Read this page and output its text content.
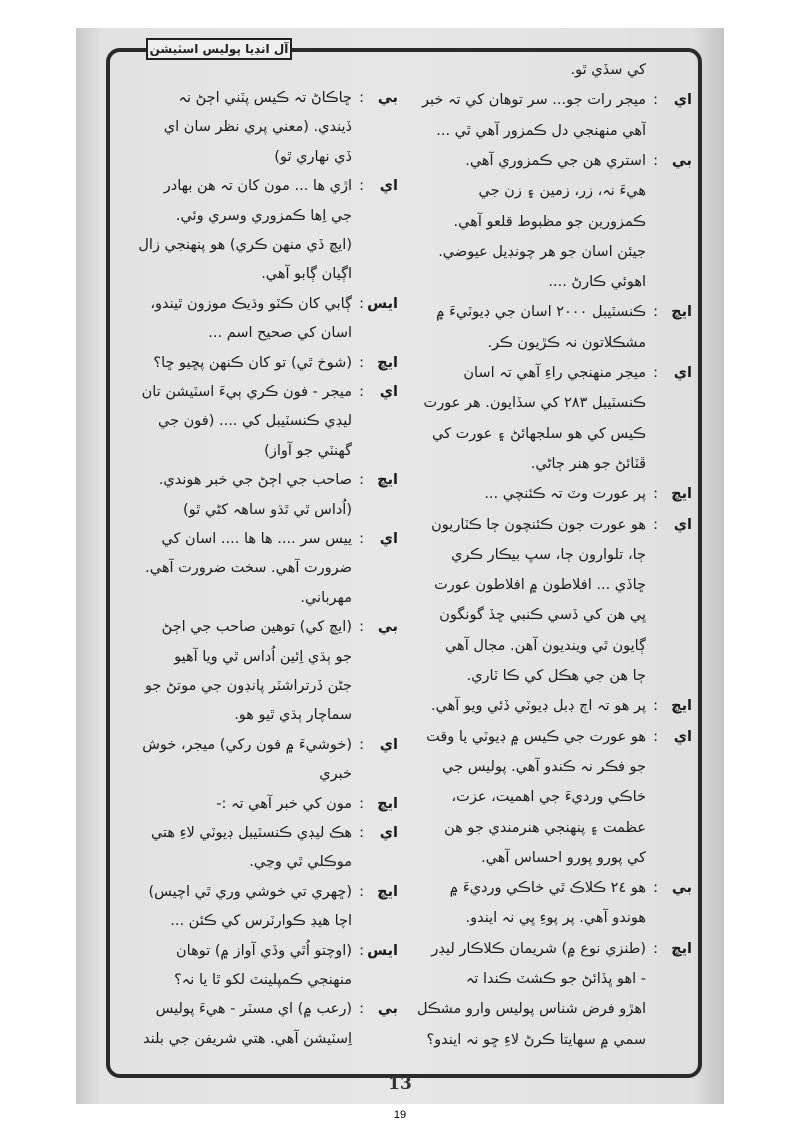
آل انڊيا پوليس اسٽيشن
کي سڏي ٿو.
اي
:
ميجر رات جو... سر توهان کي تہ خبر
آهي منهنجي دل ڪمزور آهي ٿي ...
بي
:
استري هن جي ڪمزوري آهي.
هيءَ نہ، زر، زمين ۽ زن جي
ڪمزورين جو مظبوط قلعو آهي.
جيئن اسان جو هر چونڊيل عيوضي.
اهوئي ڪارڻ ....
ايڇ
:
ڪنسٽيبل ٢٠٠٠ اسان جي ڊيوٽيءَ ۾
مشڪلاتون نہ ڪڙيون ڪر.
اي
:
ميجر منهنجي راءِ آهي تہ اسان
ڪنسٽيبل ٢٨٣ کي سڏايون. هر عورت
ڪيس کي هو سلجهائڻ ۽ عورت کي
ڦٽائڻ جو هنر ڄاڻي.
ايڇ
:
پر عورت وٽ تہ ڪئنچي ...
اي
:
هو عورت جون ڪئنچون ڄا ڪٽاريون
ڄا، تلوارون ڄا، سڀ بيڪار ڪري
ڇاڏي ... افلاطون ۾ افلاطون عورت
ڀي هن کي ڏسي ڪنبي ڇڏ گونگون
ڳايون ٿي ويندیون آهن. مجال آهي
ڄا هن جي هڪل کي ڪا ٽاري.
ايڇ
:
پر هو تہ اڄ ڊبل ڊيوٽي ڏئي ويو آهي.
اي
:
هو عورت جي ڪيس ۾ ڊيوٽي يا وقت
جو فڪر نہ ڪندو آهي. پوليس جي
خاڪي ورديءَ جي اهميت، عزت،
عظمت ۽ پنهنجي هنرمندي جو هن
کي پورو پورو احساس آهي.
بي
:
هو ٢٤ ڪلاڪ ٿي خاڪي ورديءَ ۾
هوندو آهي. پر پوءِ ڀي نہ ايندو.
ايڇ
:
(طنزي نوع ۾) شريمان ڪلاڪار ليڊر
- اهو ڀڏائڻ جو ڪشٽ ڪندا تہ
اهڙو فرض شناس پوليس وارو مشڪل
سمي ۾ سهايتا ڪرڻ لاءِ ڇو نہ ايندو؟
بي
:
ڇاڪاڻ تہ ڪيس پٽني اڄڻ نہ
ڏيندي. (معني پري نظر سان اي
ڏي نهاري ٿو)
اي
:
اڙي ها ... مون کان تہ هن بهادر
جي اِها ڪمزوري وسري وئي.
(ايڇ ڏي منهن ڪري) هو پنهنجي زال
اڳيان ڳابو آهي.
ايس
:
ڳابي کان ڪٽو وڌيڪ موزون ٿيندو،
اسان کي صحيح اسم ...
ايڇ
:
(شوخ ٿي) تو کان ڪنهن پڇيو ڇا؟
اي
:
ميجر - فون ڪري ٻيءَ اسٽيشن تان
ليڊي ڪنسٽيبل کي .... (فون جي
گهنٽي جو آواز)
ايڇ
:
صاحب جي اڄڻ جي خبر هوندي.
(اُداس ٿي ٿڌو ساهہ کڻي ٿو)
اي
:
ييس سر .... ها ها .... اسان کي
ضرورت آهي. سخت ضرورت آهي.
مهرباني.
بي
:
(ايڇ کي) توهين صاحب جي اڄڻ
جو ٻڌي اِئين اُداس ٿي ويا آهيو
جڻن ڏرتراشٽر پانڊون جي موتڻ جو
سماچار ٻڌي ٿيو هو.
اي
:
(خوشيءَ ۾ فون رکي) ميجر، خوش
خبري
ايڇ
:
مون کي خبر آهي تہ :-
اي
:
هڪ ليڊي ڪنسٽيبل ڊيوٽي لاءِ هتي
موڪلي ٿي وڃي.
ايڇ
:
(ڇهري تي خوشي وري ٿي اچيس)
اچا هيڊ ڪوارٽرس کي ڪئن ...
ايس
:
(اوچتو اُٿي وڏي آواز ۾) توهان
منهنجي ڪمپلينٽ لکو ٿا يا نہ؟
بي
:
(رعب ۾) اي مسٽر - هيءَ پوليس
اِسٽيشن آهي. هتي شريفن جي بلند
13
19
